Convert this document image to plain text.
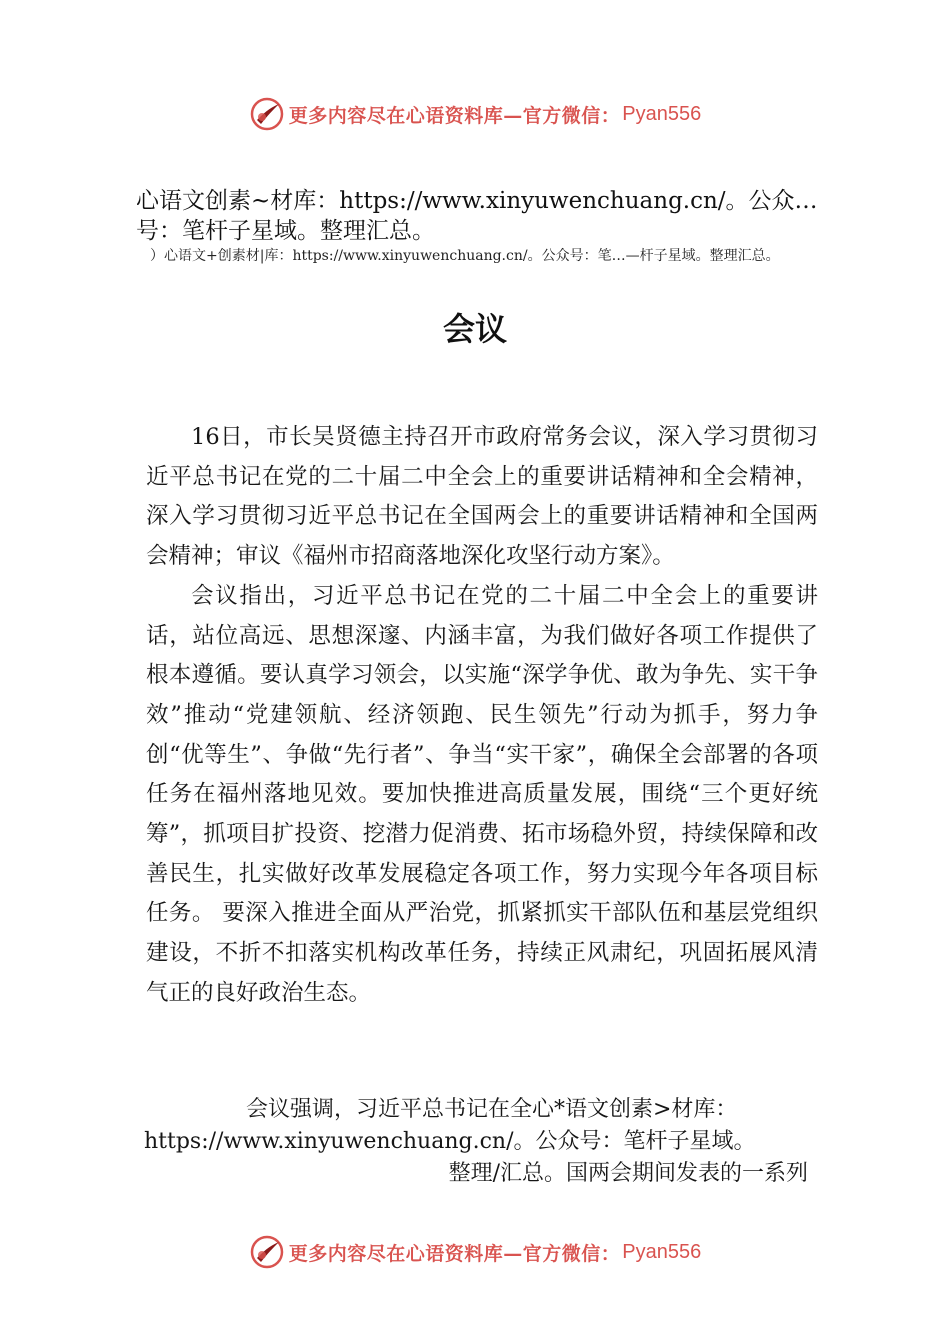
更多内容尽在心语资料库—官方微信： Pyan556
心语文创素~材库：https://www.xinyuwenchuang.cn/。公众…号：笔杆子星域。整理汇总。
）心语文+创素材|库：https://www.xinyuwenchuang.cn/。公众号：笔…—杆子星域。整理汇总。
会议

16日，市长吴贤德主持召开市政府常务会议，深入学习贯彻习近平总书记在党的二十届二中全会上的重要讲话精神和全会精神，深入学习贯彻习近平总书记在全国两会上的重要讲话精神和全国两会精神；审议《福州市招商落地深化攻坚行动方案》。

会议指出，习近平总书记在党的二十届二中全会上的重要讲话，站位高远、思想深邃、内涵丰富，为我们做好各项工作提供了根本遵循。要认真学习领会，以实施“深学争优、敢为争先、实干争效”推动“党建领航、经济领跑、民生领先”行动为抓手，努力争创“优等生”、争做“先行者”、争当“实干家”，确保全会部署的各项任务在福州落地见效。要加快推进高质量发展，围绕“三个更好统筹”，抓项目扩投资、挖潜力促消费、拓市场稳外贸，持续保障和改善民生，扎实做好改革发展稳定各项工作，努力实现今年各项目标任务。 要深入推进全面从严治党，抓紧抓实干部队伍和基层党组织建设，不折不扣落实机构改革任务，持续正风肃纪，巩固拓展风清气正的良好政治生态。

会议强调，习近平总书记在全心*语文创素>材库：
https://www.xinyuwenchuang.cn/。公众号：笔杆子星域。
整理/汇总。国两会期间发表的一系列
更多内容尽在心语资料库—官方微信： Pyan556
